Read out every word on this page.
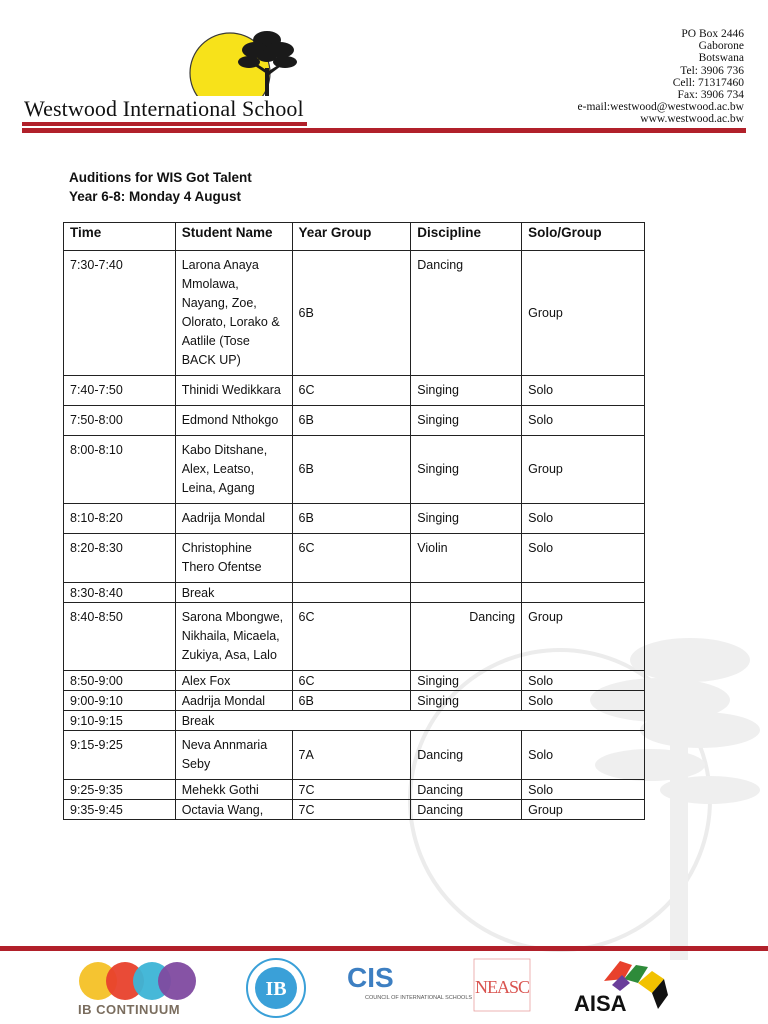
Westwood International School
PO Box 2446
Gaborone
Botswana
Tel: 3906 736
Cell: 71317460
Fax: 3906 734
e-mail:westwood@westwood.ac.bw
www.westwood.ac.bw
Auditions for WIS Got Talent
Year 6-8: Monday 4 August
Time	Student Name	Year Group	Discipline	Solo/Group
7:30-7:40	Larona Anaya Mmolawa, Nayang, Zoe, Olorato, Lorako & Aatlile (Tose BACK UP)	6B	Dancing	Group
7:40-7:50	Thinidi Wedikkara	6C	Singing	Solo
7:50-8:00	Edmond Nthokgo	6B	Singing	Solo
8:00-8:10	Kabo Ditshane, Alex, Leatso, Leina, Agang	6B	Singing	Group
8:10-8:20	Aadrija Mondal	6B	Singing	Solo
8:20-8:30	Christophine Thero Ofentse	6C	Violin	Solo
8:30-8:40	Break			
8:40-8:50	Sarona Mbongwe, Nikhaila, Micaela, Zukiya, Asa, Lalo	6C	Dancing	Group
8:50-9:00	Alex Fox	6C	Singing	Solo
9:00-9:10	Aadrija Mondal	6B	Singing	Solo
9:10-9:15	Break			
9:15-9:25	Neva Annmaria Seby	7A	Dancing	Solo
9:25-9:35	Mehekk Gothi	7C	Dancing	Solo
9:35-9:45	Octavia Wang,	7C	Dancing	Group
IB CONTINUUM
IB CIS
COUNCIL OF INTERNATIONAL SCHOOLS
NEASC
AISA
